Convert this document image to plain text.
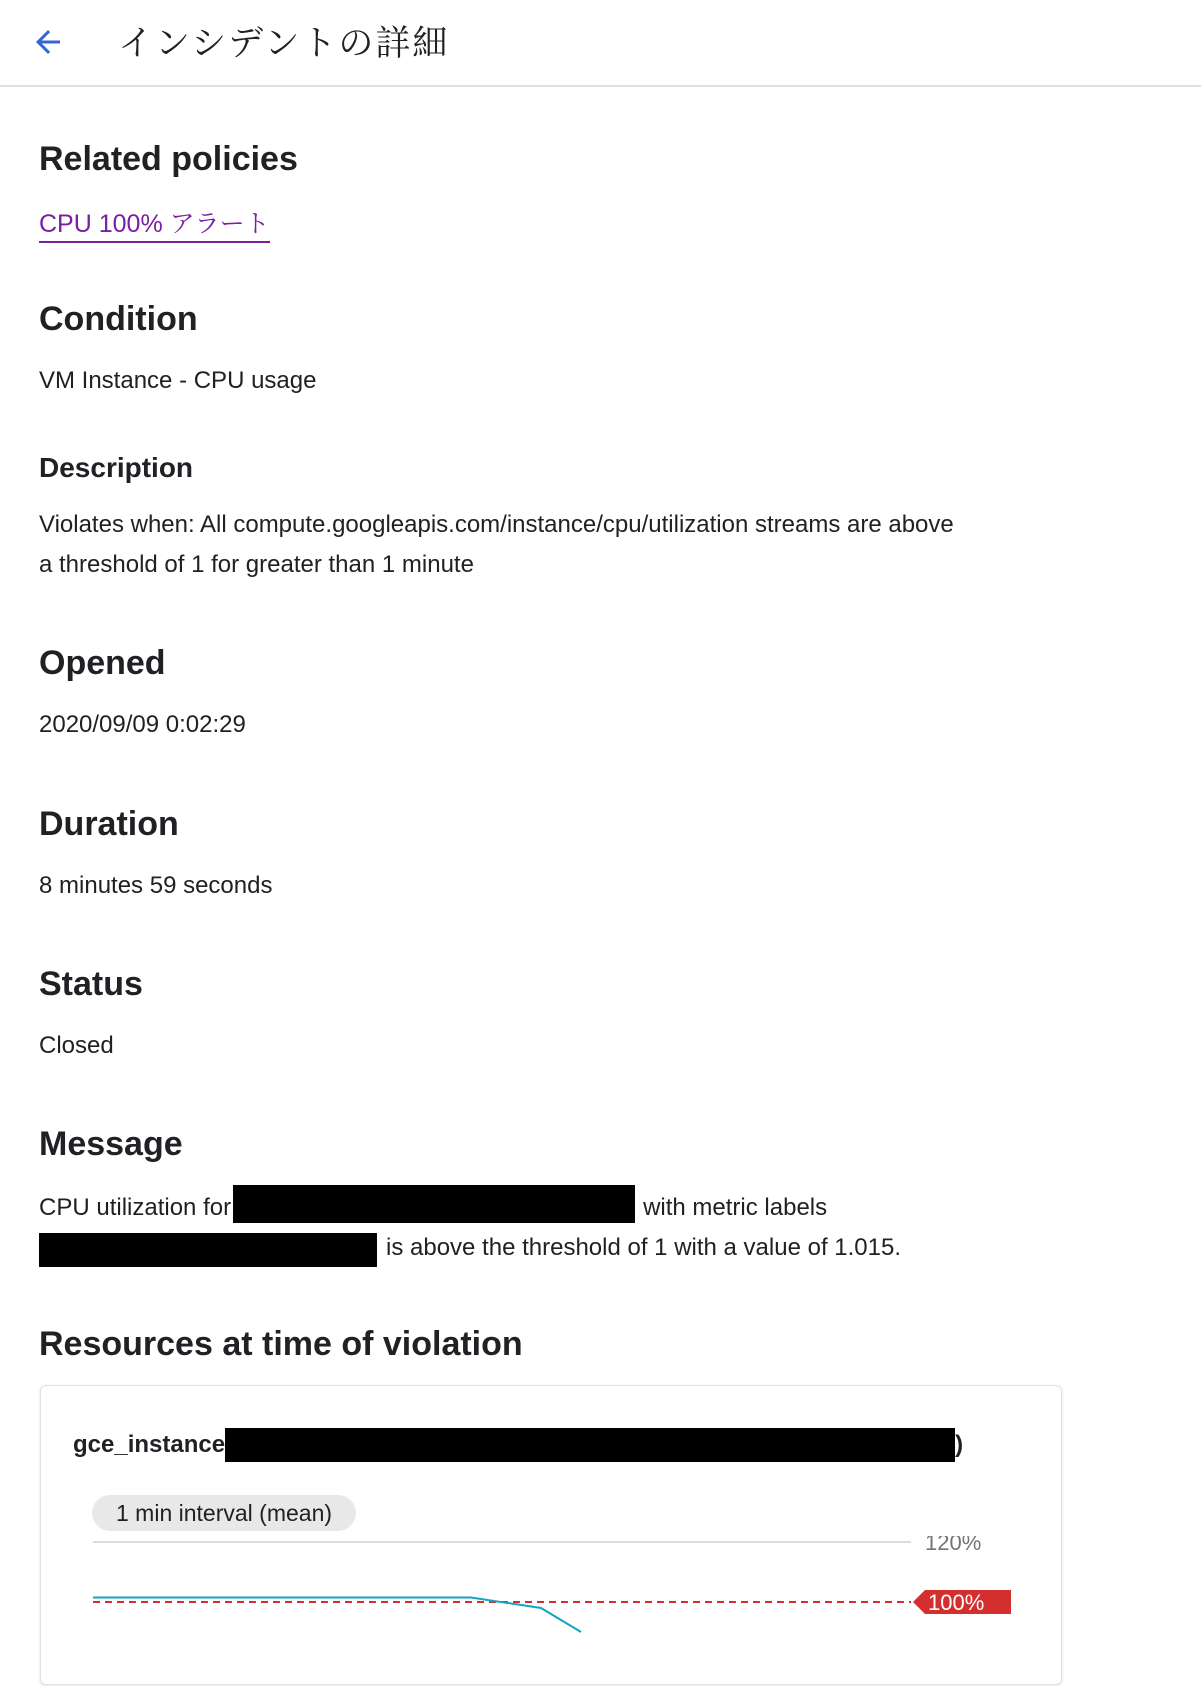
インシデントの詳細
Related policies
CPU 100% アラート
Condition
VM Instance - CPU usage
Description
Violates when: All compute.googleapis.com/instance/cpu/utilization streams are above
a threshold of 1 for greater than 1 minute
Opened
2020/09/09 0:02:29
Duration
8 minutes 59 seconds
Status
Closed
Message
CPU utilization for	with metric labels
is above the threshold of 1 with a value of 1.015.
Resources at time of violation
gce_instance	)
1 min interval (mean)
120%
100%
